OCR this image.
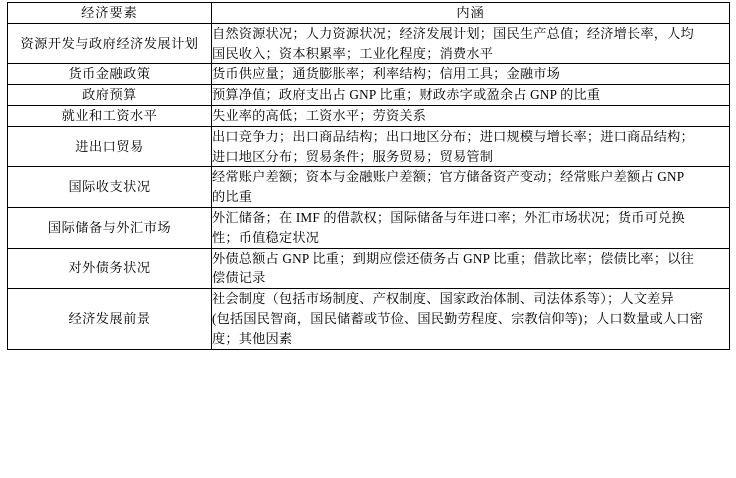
经济要素	内涵

资源开发与政府经济发展计划	自然资源状况；人力资源状况；经济发展计划；国民生产总值；经济增长率，人均
国民收入；资本积累率；工业化程度；消费水平

货币金融政策	货币供应量；通货膨胀率；利率结构；信用工具；金融市场

政府预算	预算净值；政府支出占 GNP 比重；财政赤字或盈余占 GNP 的比重

就业和工资水平	失业率的高低；工资水平；劳资关系

进出口贸易	出口竞争力；出口商品结构；出口地区分布；进口规模与增长率；进口商品结构；
进口地区分布；贸易条件；服务贸易；贸易管制

国际收支状况	经常账户差额；资本与金融账户差额；官方储备资产变动；经常账户差额占 GNP
的比重

国际储备与外汇市场	外汇储备；在 IMF 的借款权；国际储备与年进口率；外汇市场状况；货币可兑换
性；币值稳定状况

对外债务状况	外债总额占 GNP 比重；到期应偿还债务占 GNP 比重；借款比率；偿债比率；以往
偿债记录

经济发展前景	社会制度（包括市场制度、产权制度、国家政治体制、司法体系等）；人文差异
(包括国民智商，国民储蓄或节俭、国民勤劳程度、宗教信仰等)；人口数量或人口密
度；其他因素
